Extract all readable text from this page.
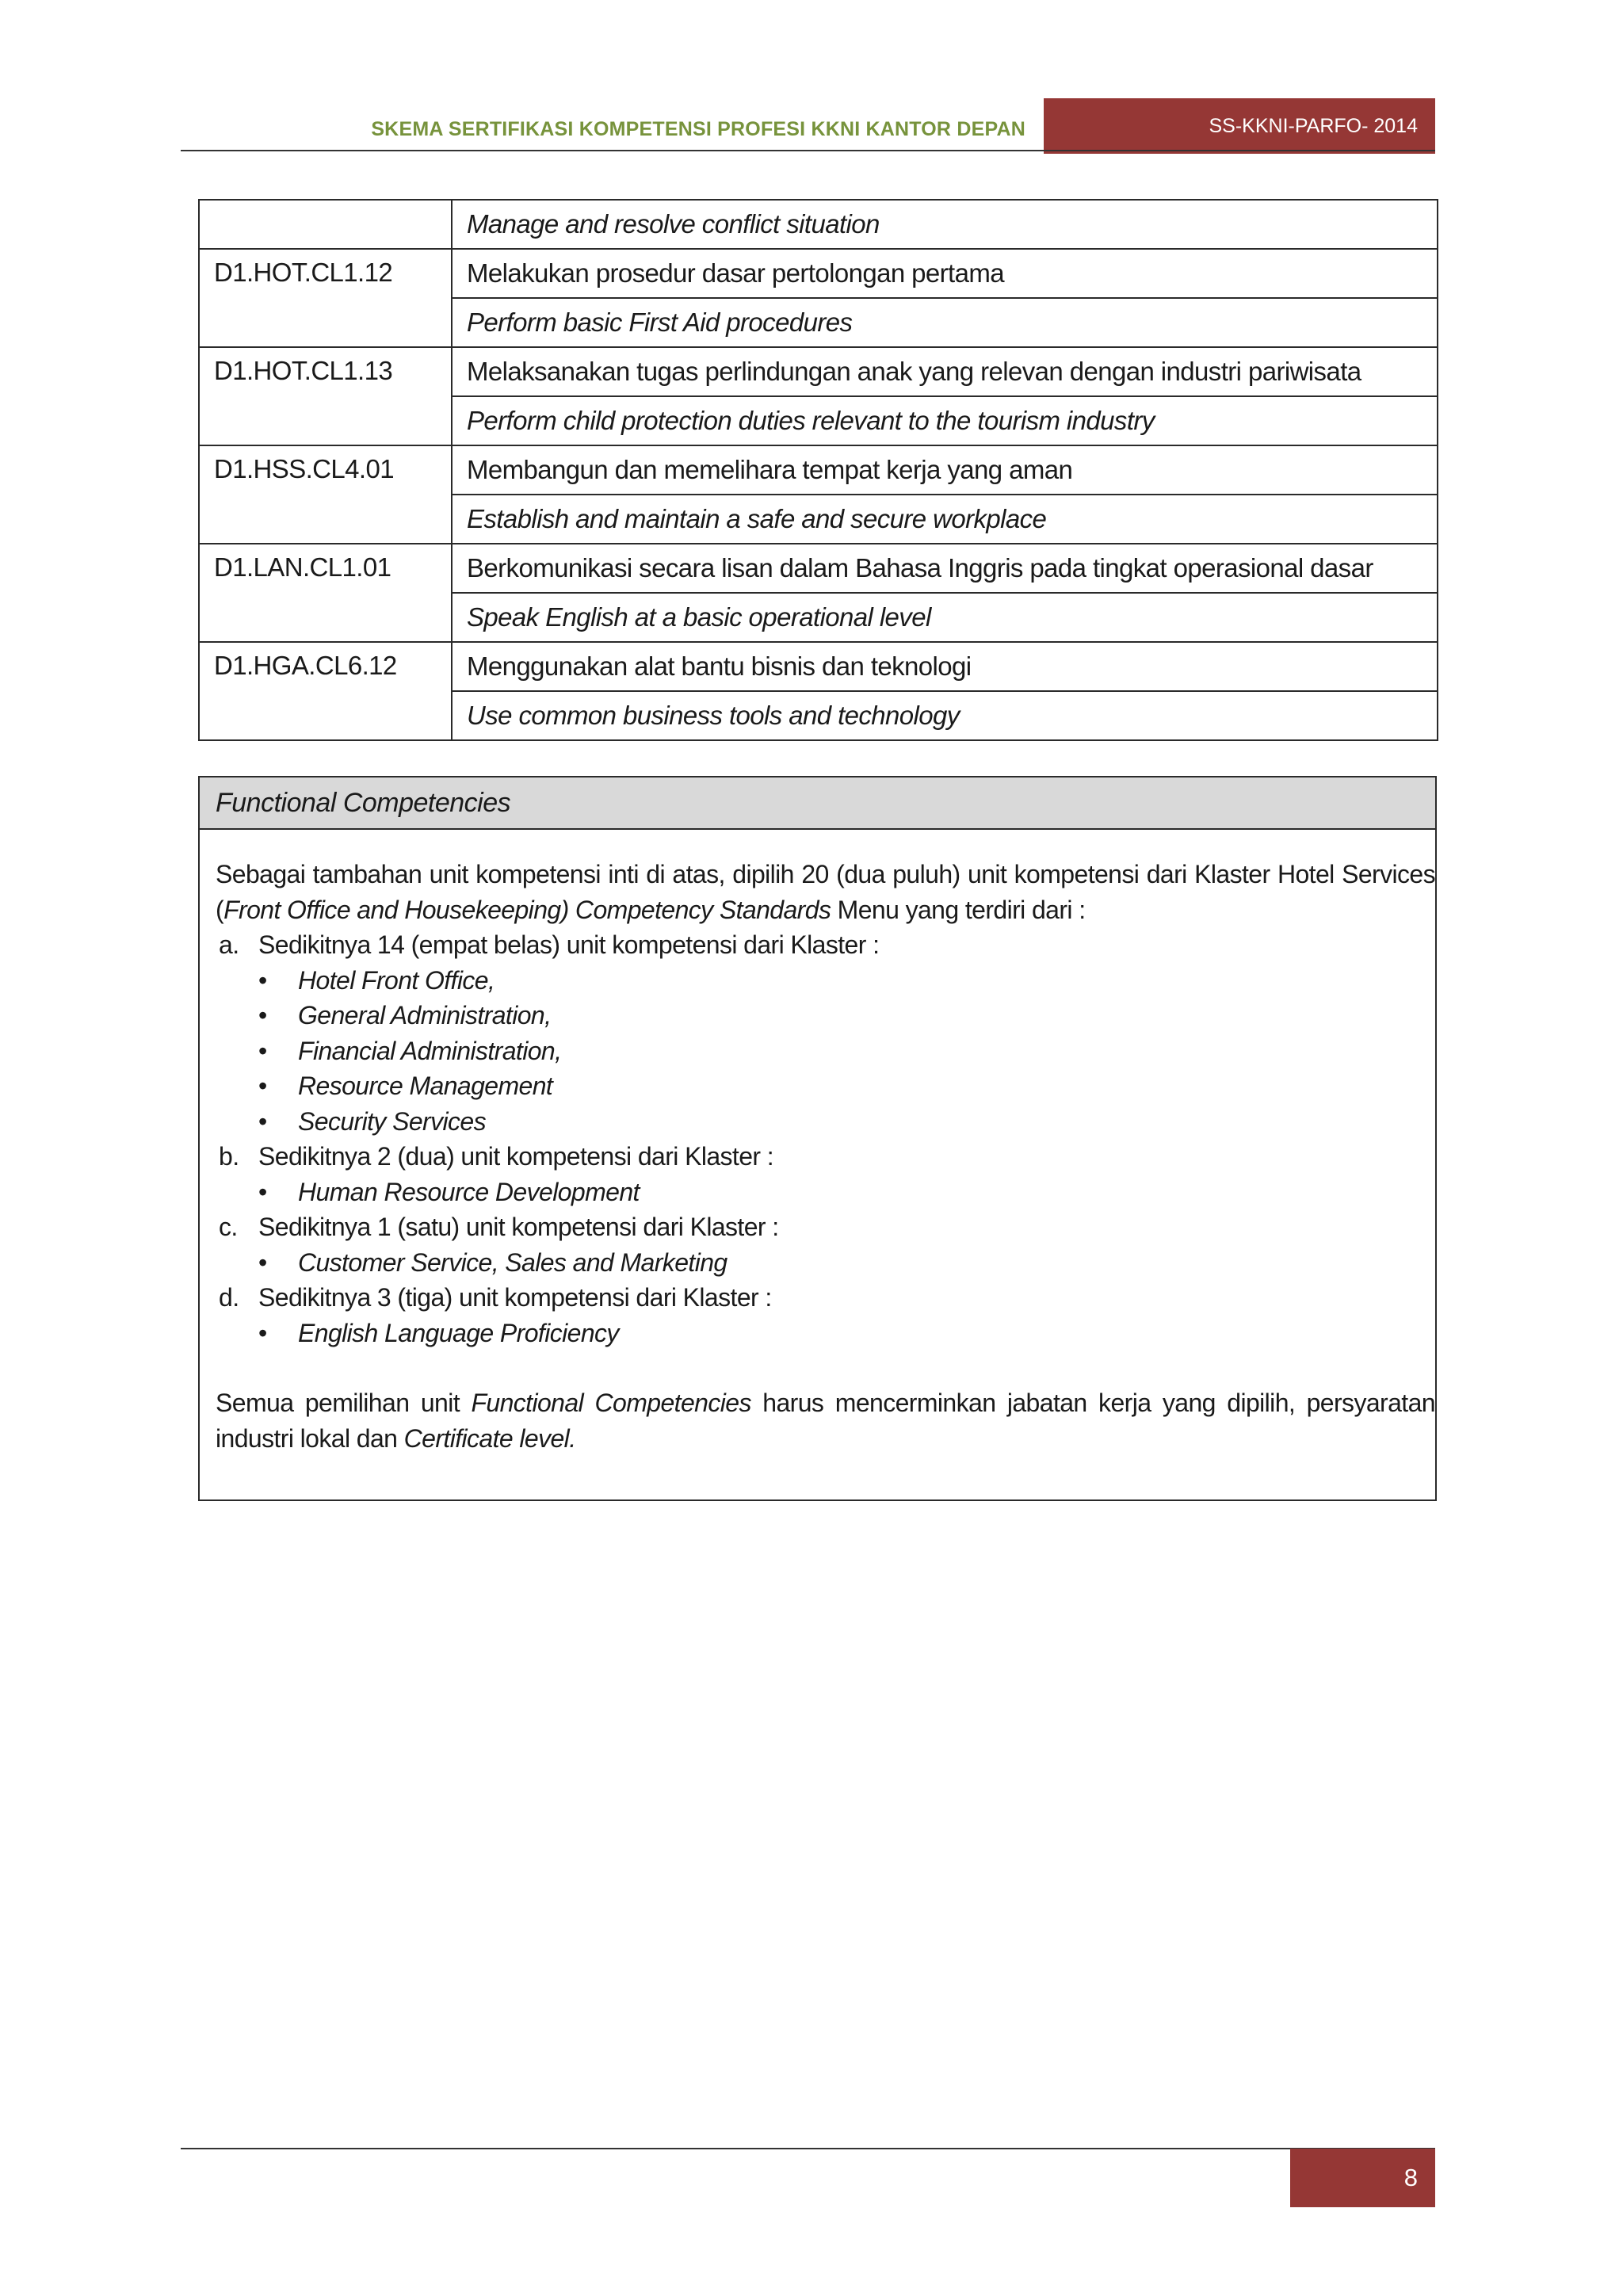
SKEMA SERTIFIKASI KOMPETENSI PROFESI KKNI KANTOR DEPAN	SS-KKNI-PARFO- 2014
	Manage and resolve conflict situation
D1.HOT.CL1.12	Melakukan prosedur dasar pertolongan pertama
	Perform basic First Aid procedures
D1.HOT.CL1.13	Melaksanakan tugas perlindungan anak yang relevan dengan industri pariwisata
	Perform child protection duties relevant to the tourism industry
D1.HSS.CL4.01	Membangun dan memelihara tempat kerja yang aman
	Establish and maintain a safe and secure workplace
D1.LAN.CL1.01	Berkomunikasi secara lisan dalam Bahasa Inggris pada tingkat operasional dasar
	Speak English at a basic operational level
D1.HGA.CL6.12	Menggunakan alat bantu bisnis dan teknologi
	Use common business tools and technology
Functional Competencies
Sebagai tambahan unit kompetensi inti di atas, dipilih 20 (dua puluh) unit kompetensi dari Klaster Hotel Services (Front Office and Housekeeping) Competency Standards Menu yang terdiri dari :
a. Sedikitnya 14 (empat belas) unit kompetensi dari Klaster :
• Hotel Front Office,
• General Administration,
• Financial Administration,
• Resource Management
• Security Services
b. Sedikitnya 2 (dua) unit kompetensi dari Klaster :
• Human Resource Development
c. Sedikitnya 1 (satu) unit kompetensi dari Klaster :
• Customer Service, Sales and Marketing
d. Sedikitnya 3 (tiga) unit kompetensi dari Klaster :
• English Language Proficiency
Semua pemilihan unit Functional Competencies harus mencerminkan jabatan kerja yang dipilih, persyaratan industri lokal dan Certificate level.
8
